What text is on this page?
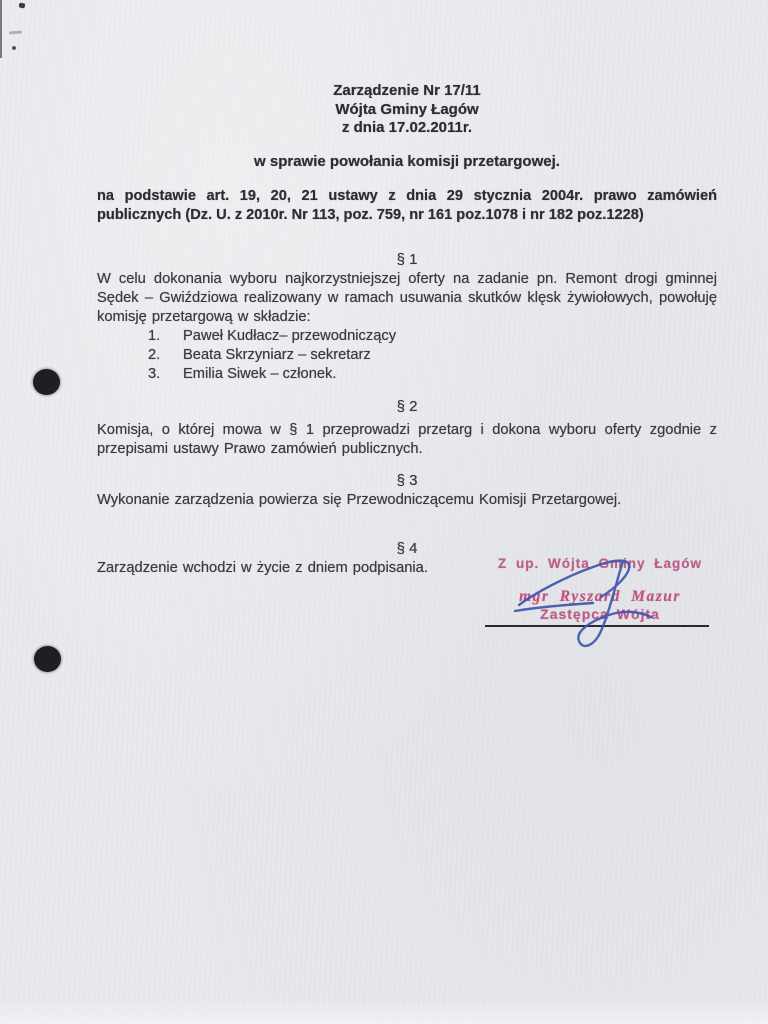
Zarządzenie Nr 17/11
Wójta Gminy Łagów
z dnia 17.02.2011r.
w sprawie powołania komisji przetargowej.
na podstawie art. 19, 20, 21 ustawy z dnia 29 stycznia 2004r. prawo zamówień publicznych (Dz. U. z 2010r. Nr 113, poz. 759, nr 161 poz.1078 i nr 182 poz.1228)
§ 1
W celu dokonania wyboru najkorzystniejszej oferty na zadanie pn. Remont drogi gminnej Sędek – Gwiździowa realizowany w ramach usuwania skutków klęsk żywiołowych, powołuję komisję przetargową w składzie:
1. Paweł Kudłacz– przewodniczący
2. Beata Skrzyniarz – sekretarz
3. Emilia Siwek – członek.
§ 2
Komisja, o której mowa w § 1 przeprowadzi przetarg i dokona wyboru oferty zgodnie z przepisami ustawy Prawo zamówień publicznych.
§ 3
Wykonanie zarządzenia powierza się Przewodniczącemu Komisji Przetargowej.
§ 4
Zarządzenie wchodzi w życie z dniem podpisania.	Z up. Wójta Gminy Łagów
mgr Ryszard Mazur
Zastępca Wójta
